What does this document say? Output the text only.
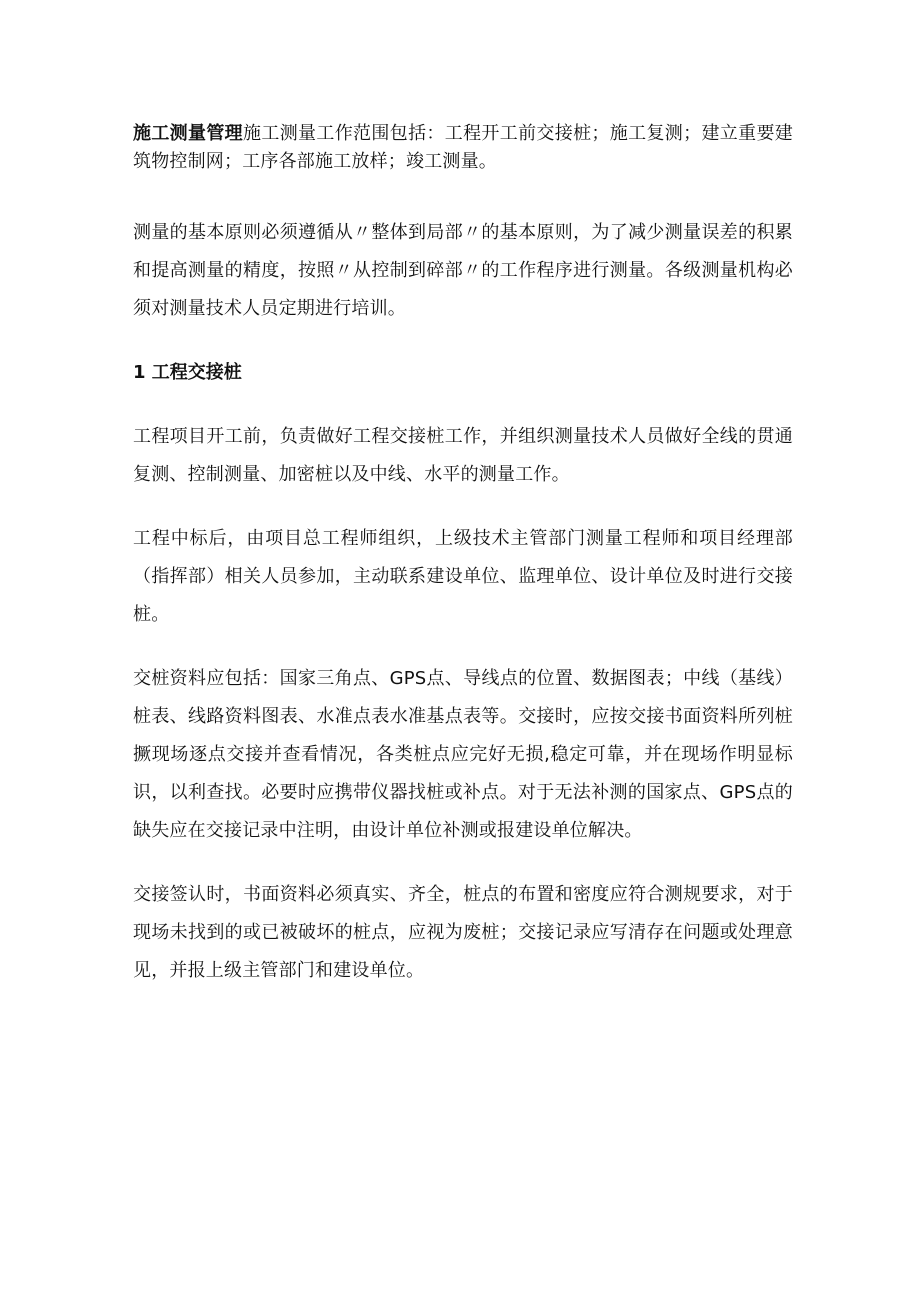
施工测量管理施工测量工作范围包括：工程开工前交接桩；施工复测；建立重要建筑物控制网；工序各部施工放样；竣工测量。

测量的基本原则必须遵循从〃整体到局部〃的基本原则，为了减少测量误差的积累和提高测量的精度，按照〃从控制到碎部〃的工作程序进行测量。各级测量机构必须对测量技术人员定期进行培训。

1 工程交接桩

工程项目开工前，负责做好工程交接桩工作，并组织测量技术人员做好全线的贯通复测、控制测量、加密桩以及中线、水平的测量工作。

工程中标后，由项目总工程师组织，上级技术主管部门测量工程师和项目经理部（指挥部）相关人员参加，主动联系建设单位、监理单位、设计单位及时进行交接桩。

交桩资料应包括：国家三角点、GPS点、导线点的位置、数据图表；中线（基线）桩表、线路资料图表、水准点表水准基点表等。交接时，应按交接书面资料所列桩撅现场逐点交接并查看情况，各类桩点应完好无损,稳定可靠，并在现场作明显标识，以利查找。必要时应携带仪器找桩或补点。对于无法补测的国家点、GPS点的缺失应在交接记录中注明，由设计单位补测或报建设单位解决。

交接签认时，书面资料必须真实、齐全，桩点的布置和密度应符合测规要求，对于现场未找到的或已被破坏的桩点，应视为废桩；交接记录应写清存在问题或处理意见，并报上级主管部门和建设单位。
